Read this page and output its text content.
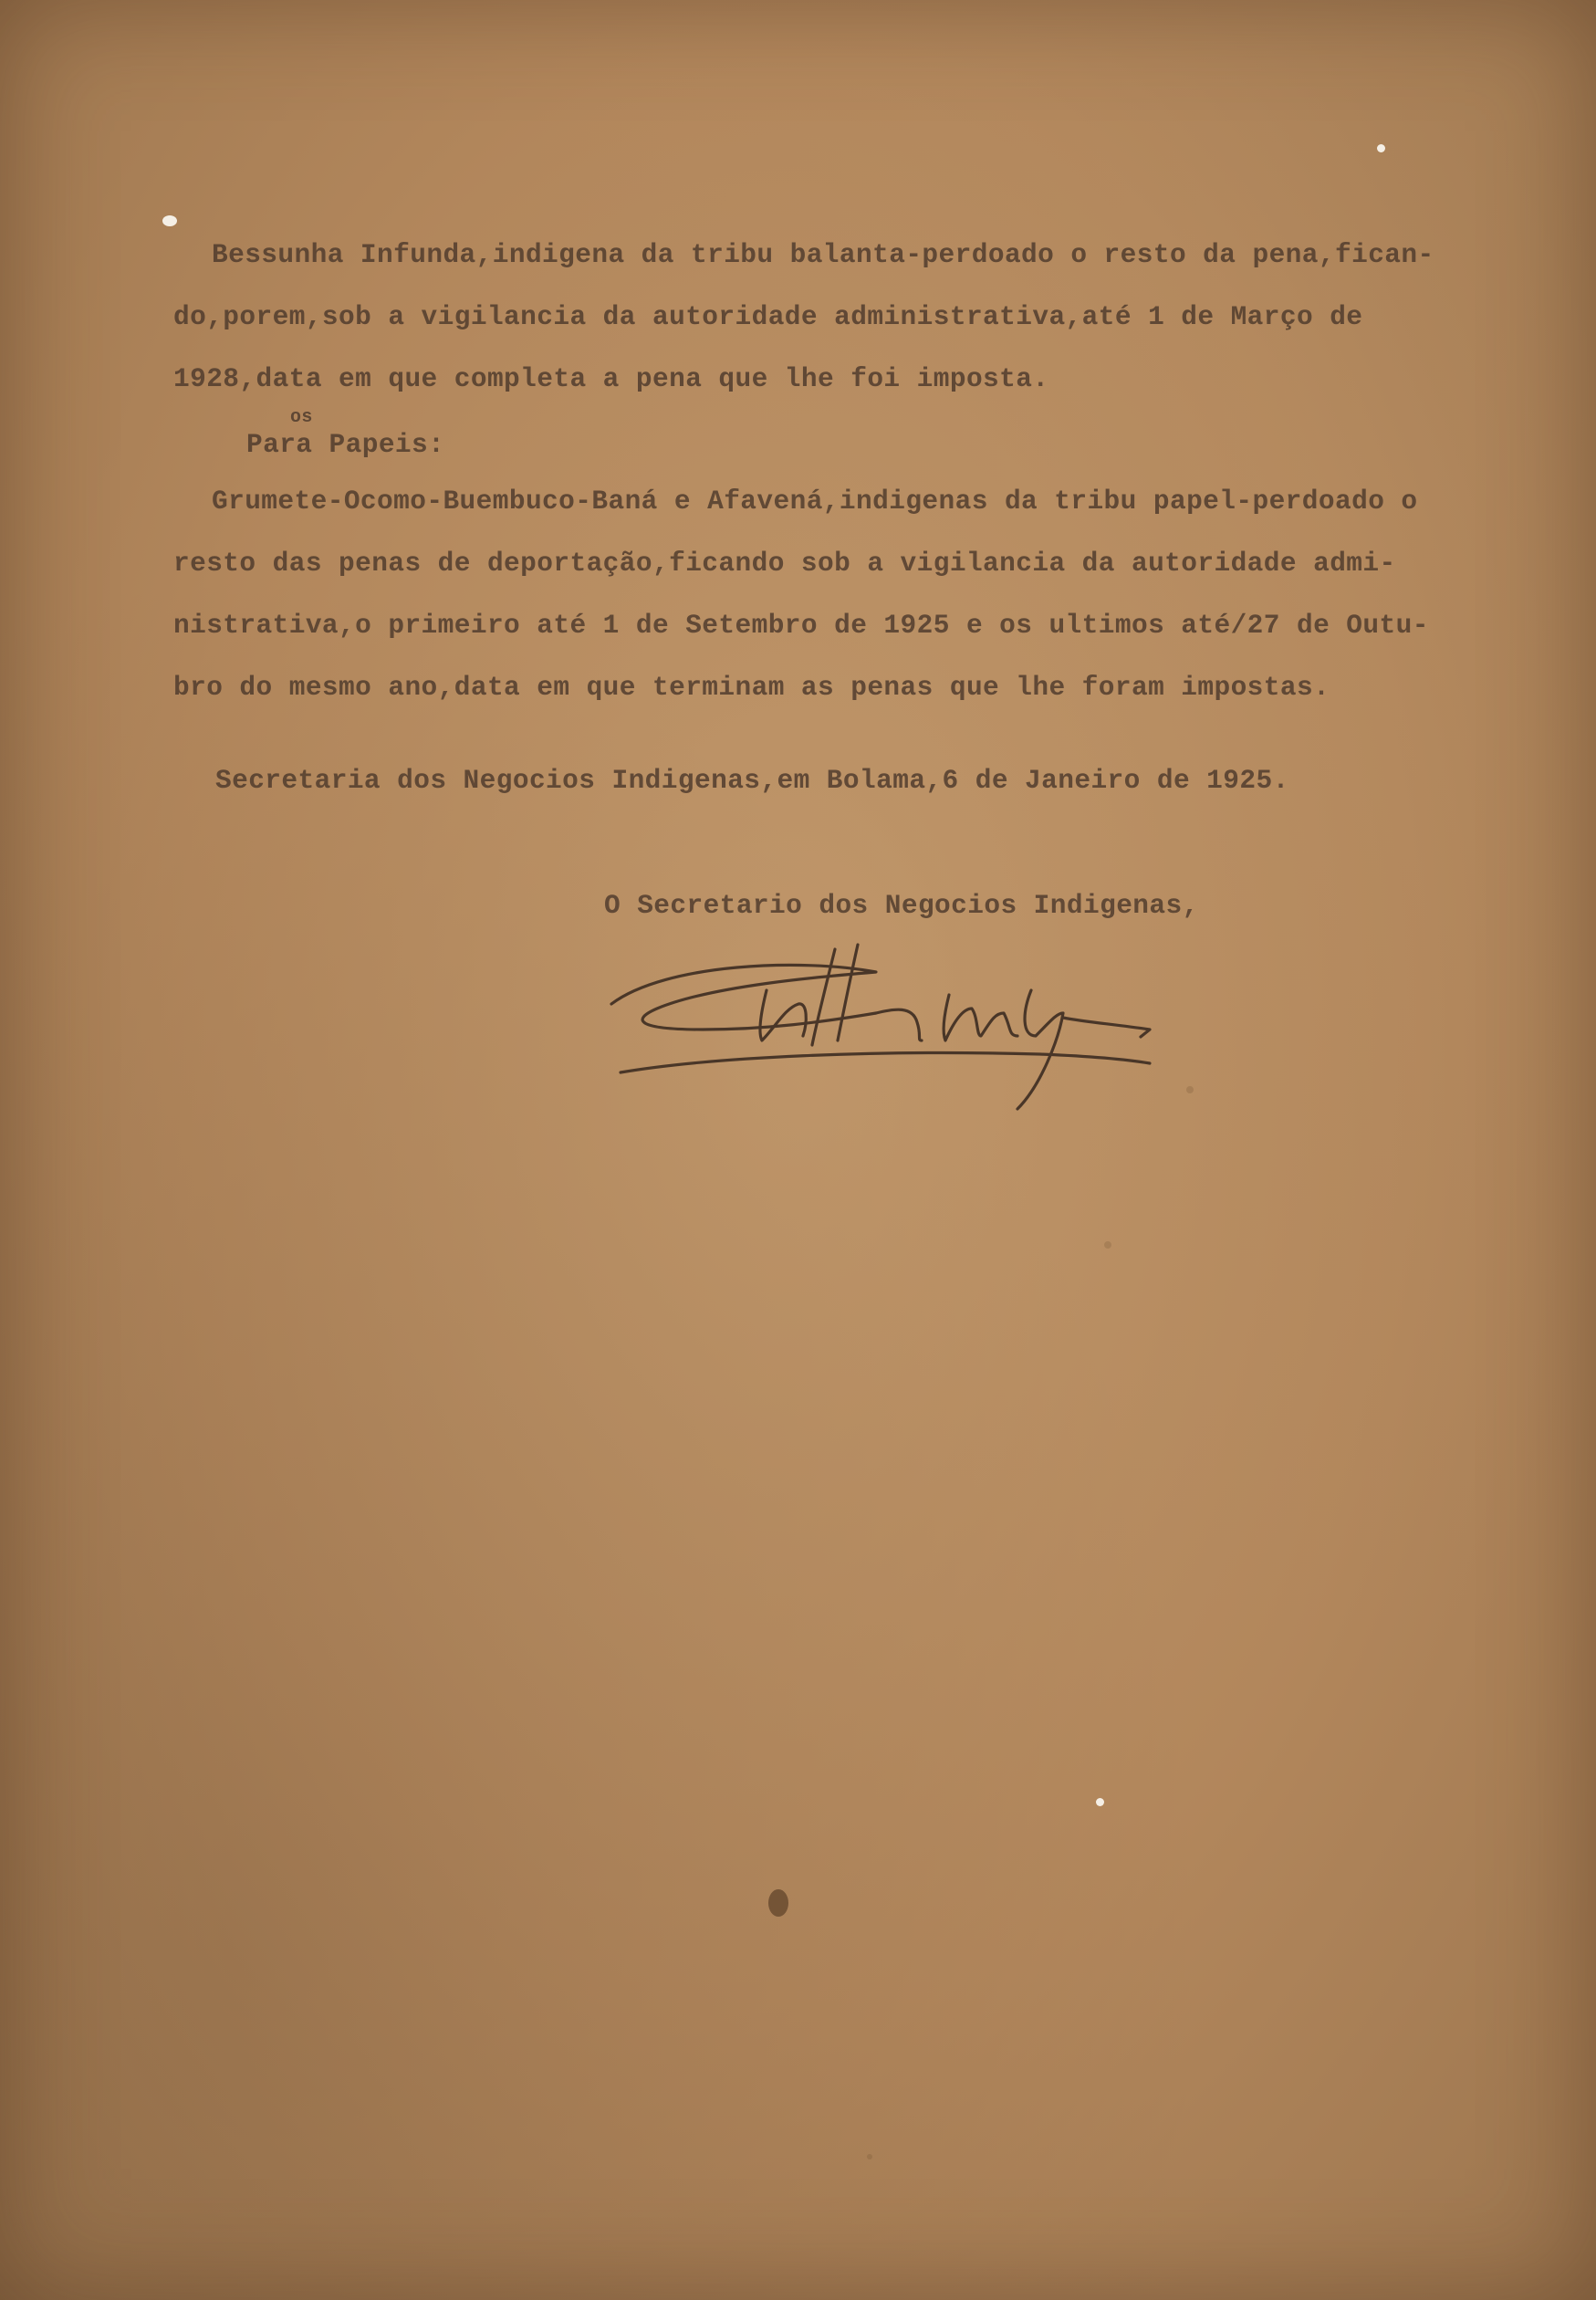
Bessunha Infunda,indigena da tribu balanta-perdoado o resto da pena,fican-
do,porem,sob a vigilancia da autoridade administrativa,até 1 de Março de
1928,data em que completa a pena que lhe foi imposta.
os
Para Papeis:
Grumete-Ocomo-Buembuco-Baná e Afavená,indigenas da tribu papel-perdoado o
resto das penas de deportação,ficando sob a vigilancia da autoridade admi-
nistrativa,o primeiro até 1 de Setembro de 1925 e os ultimos até/27 de Outu-
bro do mesmo ano,data em que terminam as penas que lhe foram impostas.
Secretaria dos Negocios Indigenas,em Bolama,6 de Janeiro de 1925.
O Secretario dos Negocios Indigenas,
